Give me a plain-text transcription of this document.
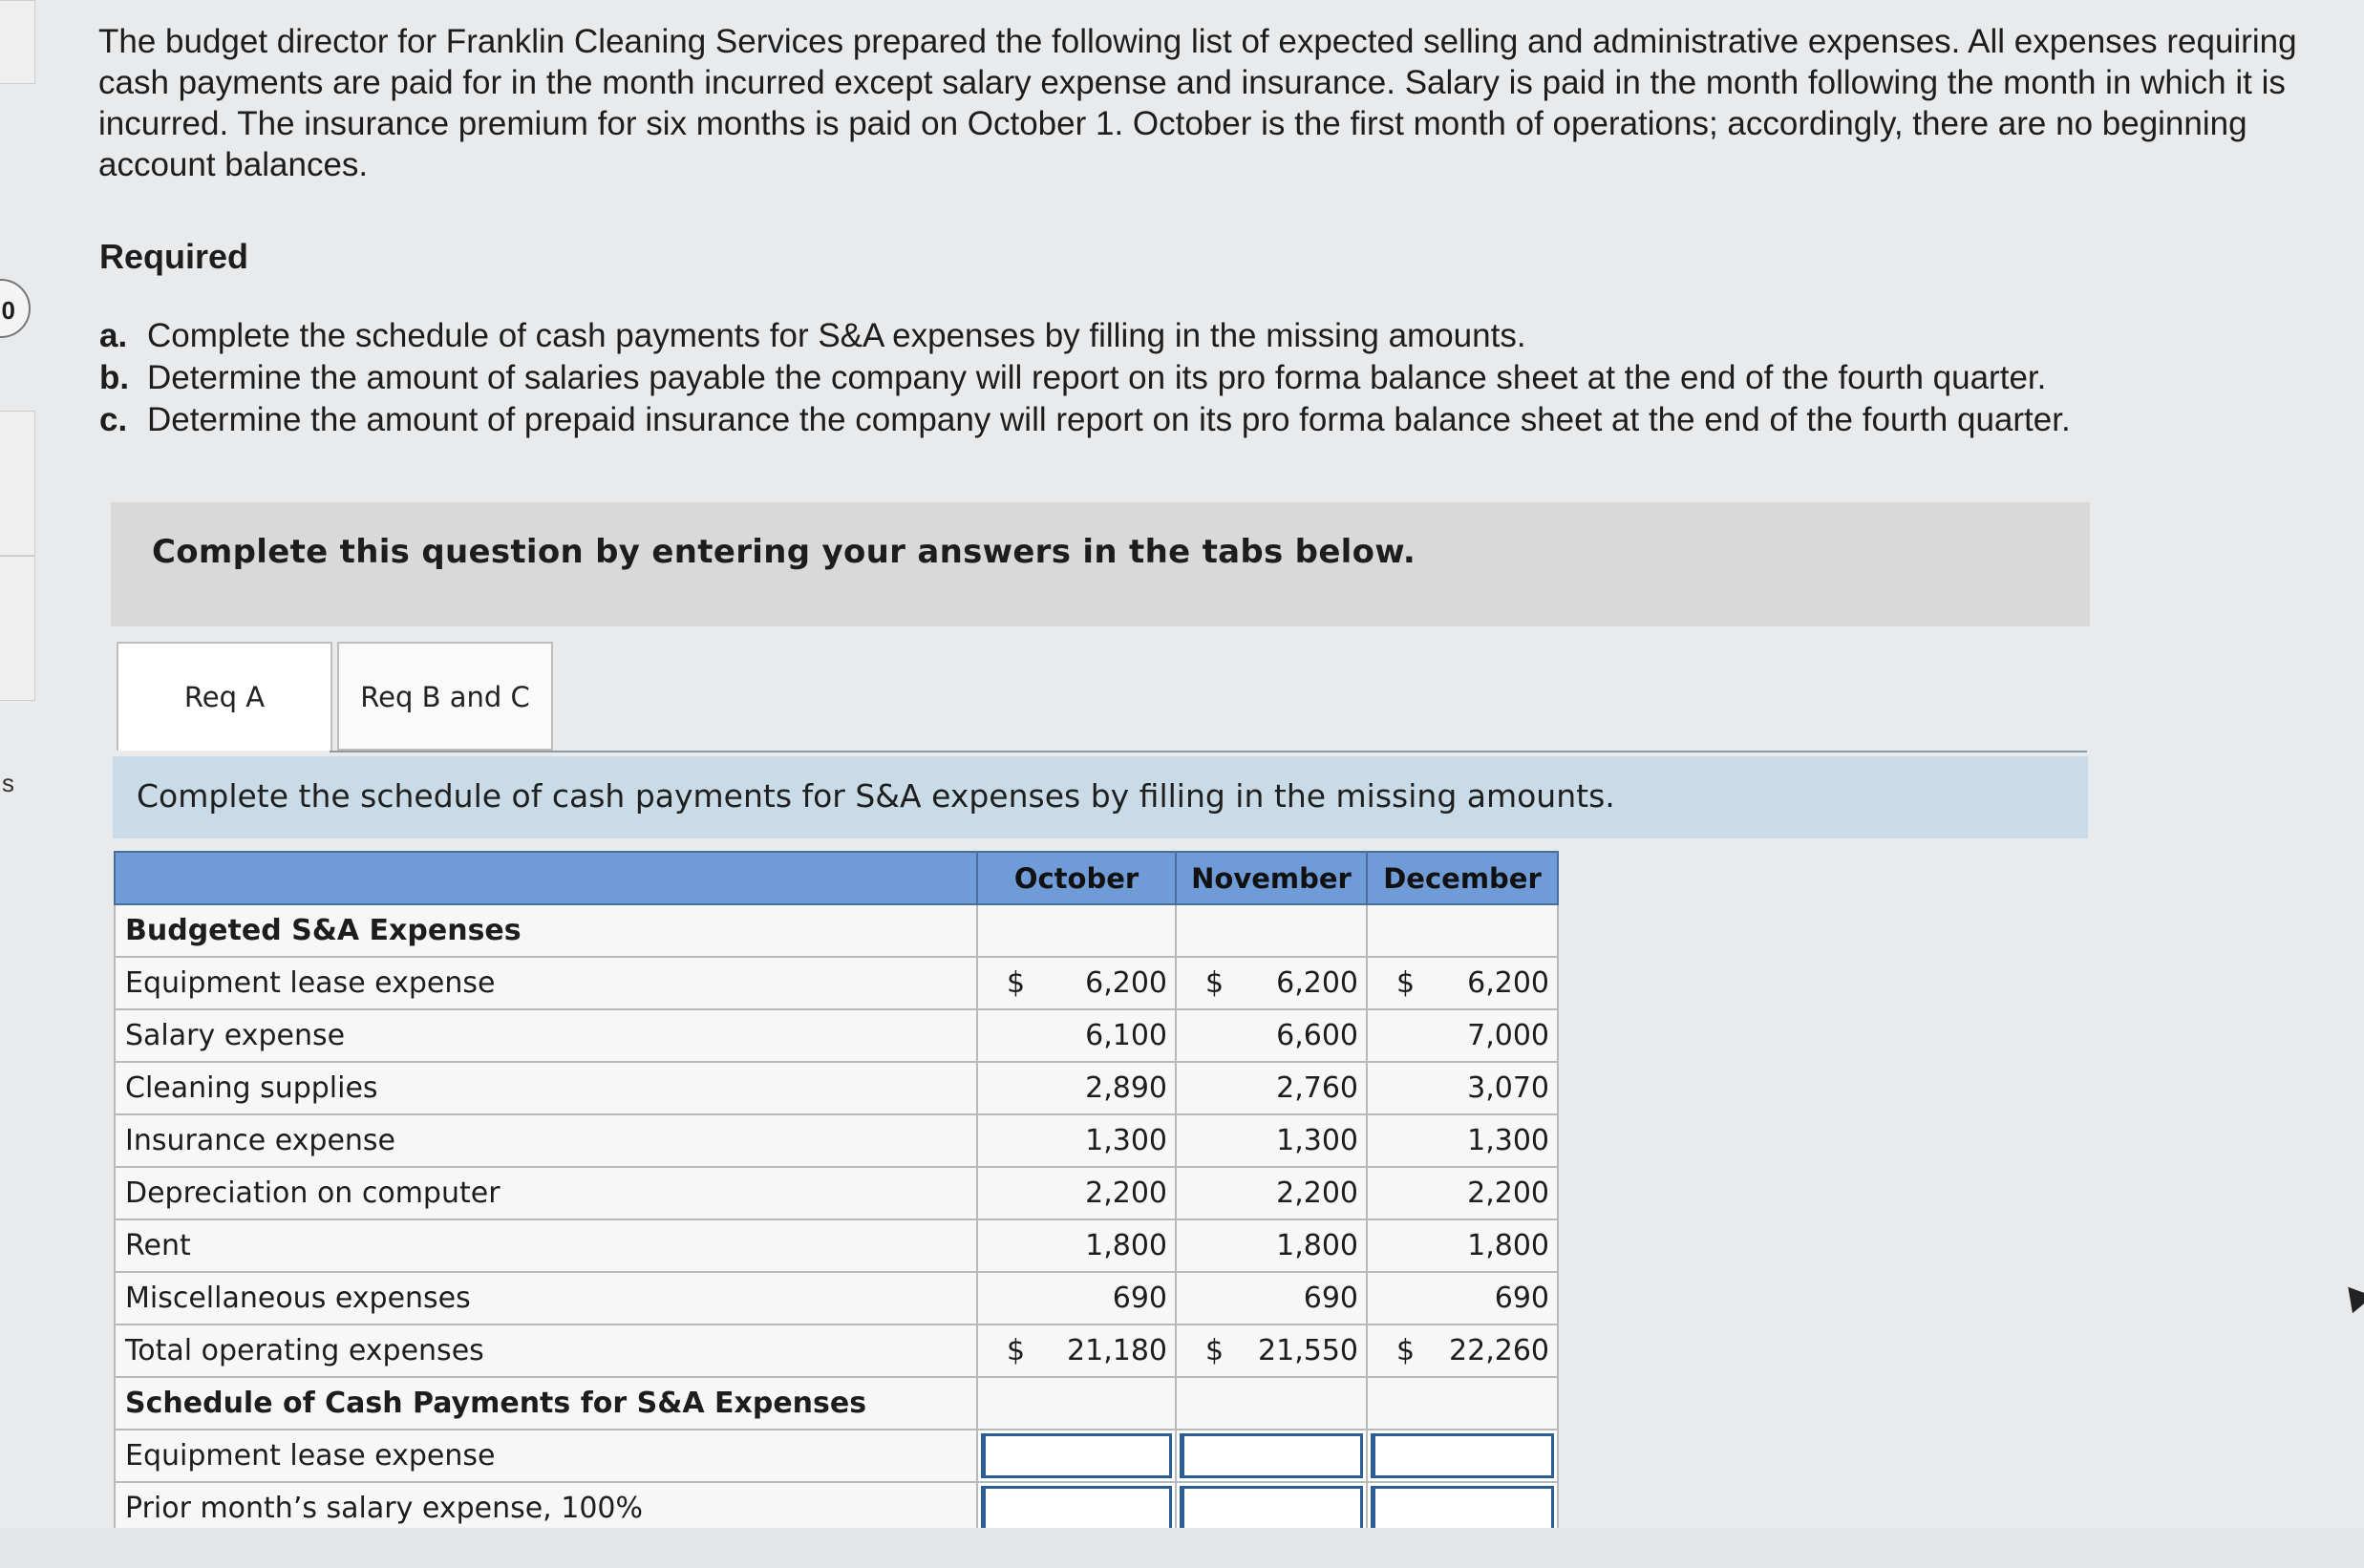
0
s

The budget director for Franklin Cleaning Services prepared the following list of expected selling and administrative expenses. All expenses requiring cash payments are paid for in the month incurred except salary expense and insurance. Salary is paid in the month following the month in which it is incurred. The insurance premium for six months is paid on October 1. October is the first month of operations; accordingly, there are no beginning account balances.

Required
a. Complete the schedule of cash payments for S&A expenses by filling in the missing amounts.
b. Determine the amount of salaries payable the company will report on its pro forma balance sheet at the end of the fourth quarter.
c. Determine the amount of prepaid insurance the company will report on its pro forma balance sheet at the end of the fourth quarter.
Complete this question by entering your answers in the tabs below.
Req A	Req B and C
Complete the schedule of cash payments for S&A expenses by filling in the missing amounts.
	October	November	December
Budgeted S&A Expenses			
Equipment lease expense	$ 6,200	$ 6,200	$ 6,200

Salary expense	6,100	6,600	7,000
Cleaning supplies	2,890	2,760	3,070
Insurance expense	1,300	1,300	1,300
Depreciation on computer	2,200	2,200	2,200
Rent	1,800	1,800	1,800
Miscellaneous expenses	690	690	690
Total operating expenses	$ 21,180	$ 21,550	$ 22,260

Schedule of Cash Payments for S&A Expenses			
Equipment lease expense	

Prior month’s salary expense, 100%	
